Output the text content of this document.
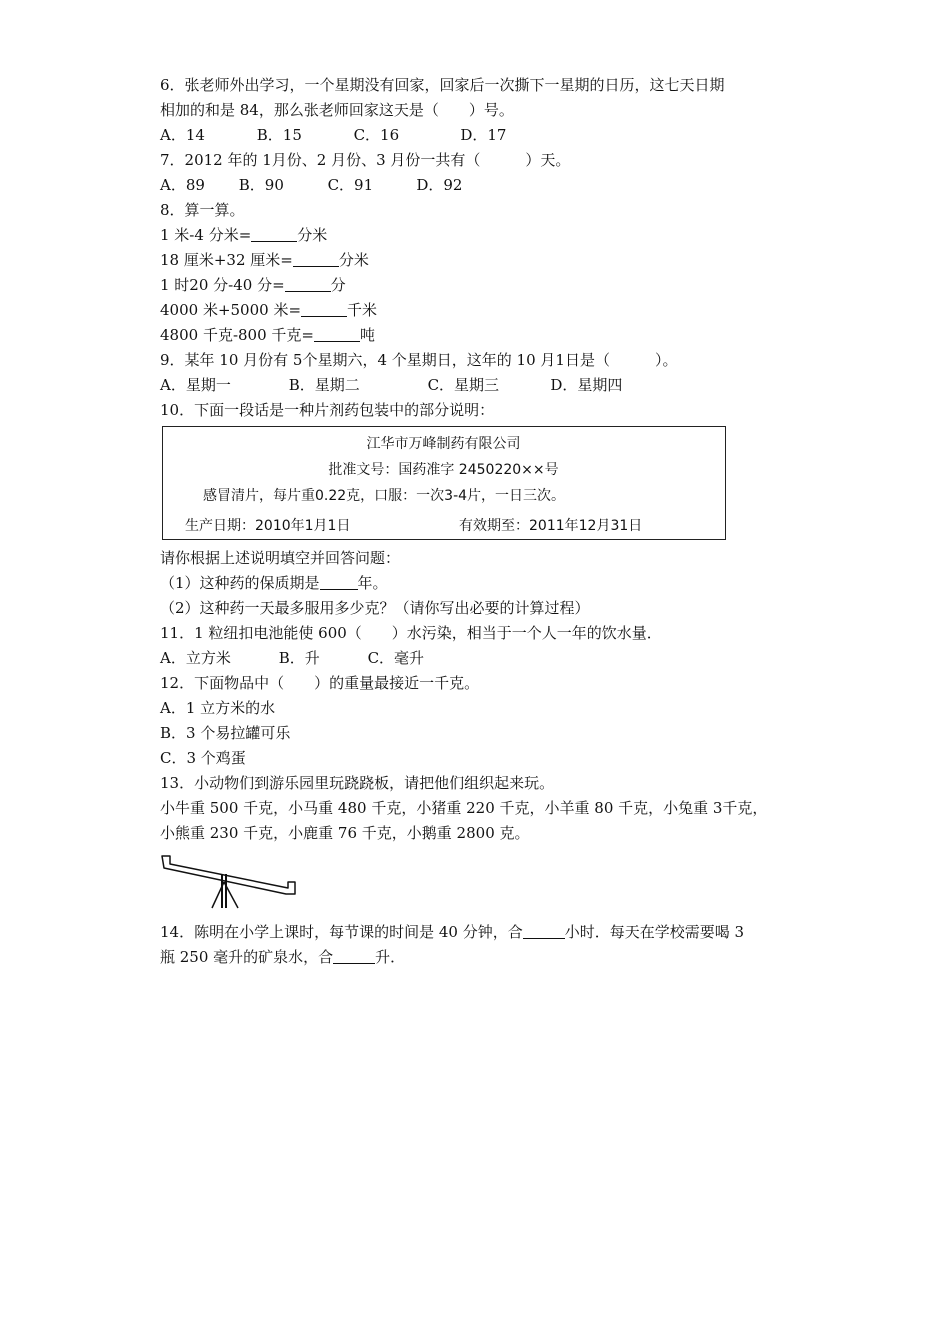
6．张老师外出学习，一个星期没有回家，回家后一次撕下一星期的日历，这七天日期
相加的和是 84，那么张老师回家这天是（　　）号。
A．14	B．15	C．16	D．17
7．2012 年的 1月份、2 月份、3 月份一共有（　　　）天。
A．89 B．90	C．91	D．92
8．算一算。
1 米-4 分米=	分米
18 厘米+32 厘米=	分米
1 时20 分-40 分=	分
4000 米+5000 米=	千米
4800 千克-800 千克=	吨
9．某年 10 月份有 5个星期六，4 个星期日，这年的 10 月1日是（　　　）。
A．星期一	B．星期二	C．星期三	D．星期四
10．下面一段话是一种片剂药包装中的部分说明：
江华市万峰制药有限公司
批准文号：国药准字 2450220××号
感冒清片，每片重0.22克，口服：一次3-4片，一日三次。
生产日期：2010年1月1日	有效期至：2011年12月31日
请你根据上述说明填空并回答问题：
（1）这种药的保质期是	年。
（2）这种药一天最多服用多少克？（请你写出必要的计算过程）
11．1 粒纽扣电池能使 600（　　）水污染，相当于一个人一年的饮水量．
A．立方米	B．升	C．毫升
12．下面物品中（　　）的重量最接近一千克。
A．1 立方米的水
B．3 个易拉罐可乐
C．3 个鸡蛋
13．小动物们到游乐园里玩跷跷板，请把他们组织起来玩。
小牛重 500 千克，小马重 480 千克，小猪重 220 千克，小羊重 80 千克，小兔重 3千克，
小熊重 230 千克，小鹿重 76 千克，小鹅重 2800 克。
14．陈明在小学上课时，每节课的时间是 40 分钟，合	小时．每天在学校需要喝 3
瓶 250 毫升的矿泉水，合	升．
